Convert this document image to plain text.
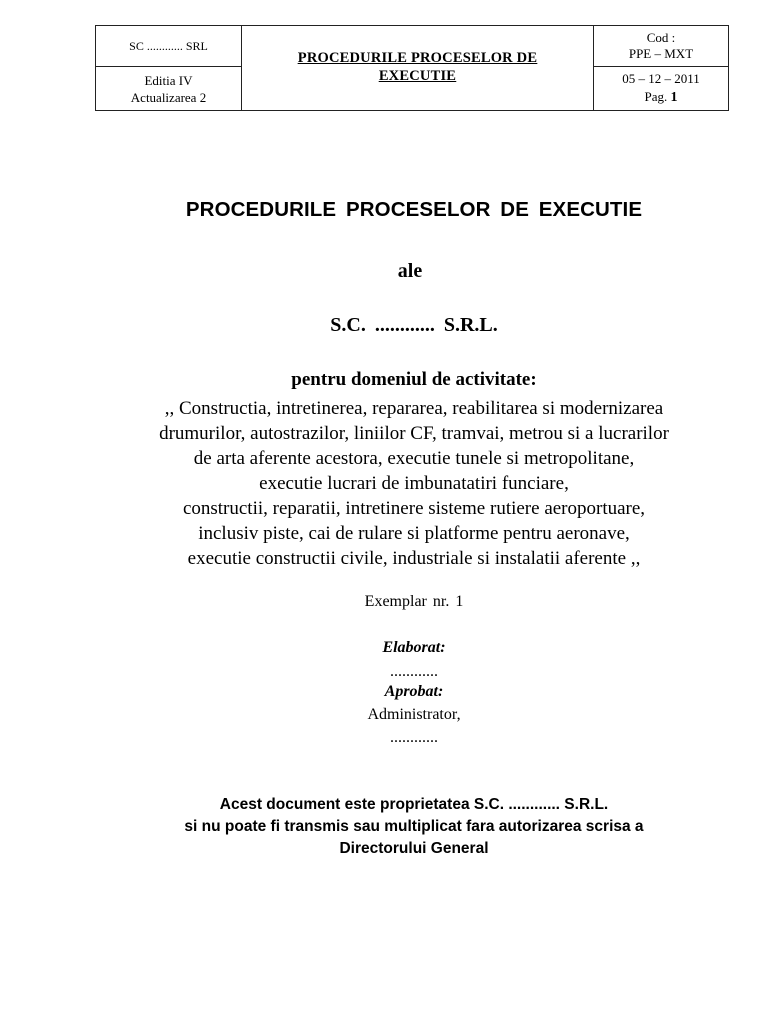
SC ............ SRL
Editia IV
Actualizarea 2
PROCEDURILE PROCESELOR DE
EXECUTIE
Cod :
PPE – MXT
05 – 12 – 2011
Pag. 1
PROCEDURILE PROCESELOR DE EXECUTIE
ale
S.C. ............ S.R.L.
pentru domeniul de activitate:
,, Constructia, intretinerea, repararea, reabilitarea si modernizarea
drumurilor, autostrazilor, liniilor CF, tramvai, metrou si a lucrarilor
de arta aferente acestora, executie tunele si metropolitane,
executie lucrari de imbunatatiri funciare,
constructii, reparatii, intretinere sisteme rutiere aeroportuare,
inclusiv piste, cai de rulare si platforme pentru aeronave,
executie constructii civile, industriale si instalatii aferente ,,
Exemplar nr. 1
Elaborat:
............
Aprobat:
Administrator,
............
Acest document este proprietatea S.C. ............ S.R.L.
si nu poate fi transmis sau multiplicat fara autorizarea scrisa a
Directorului General
